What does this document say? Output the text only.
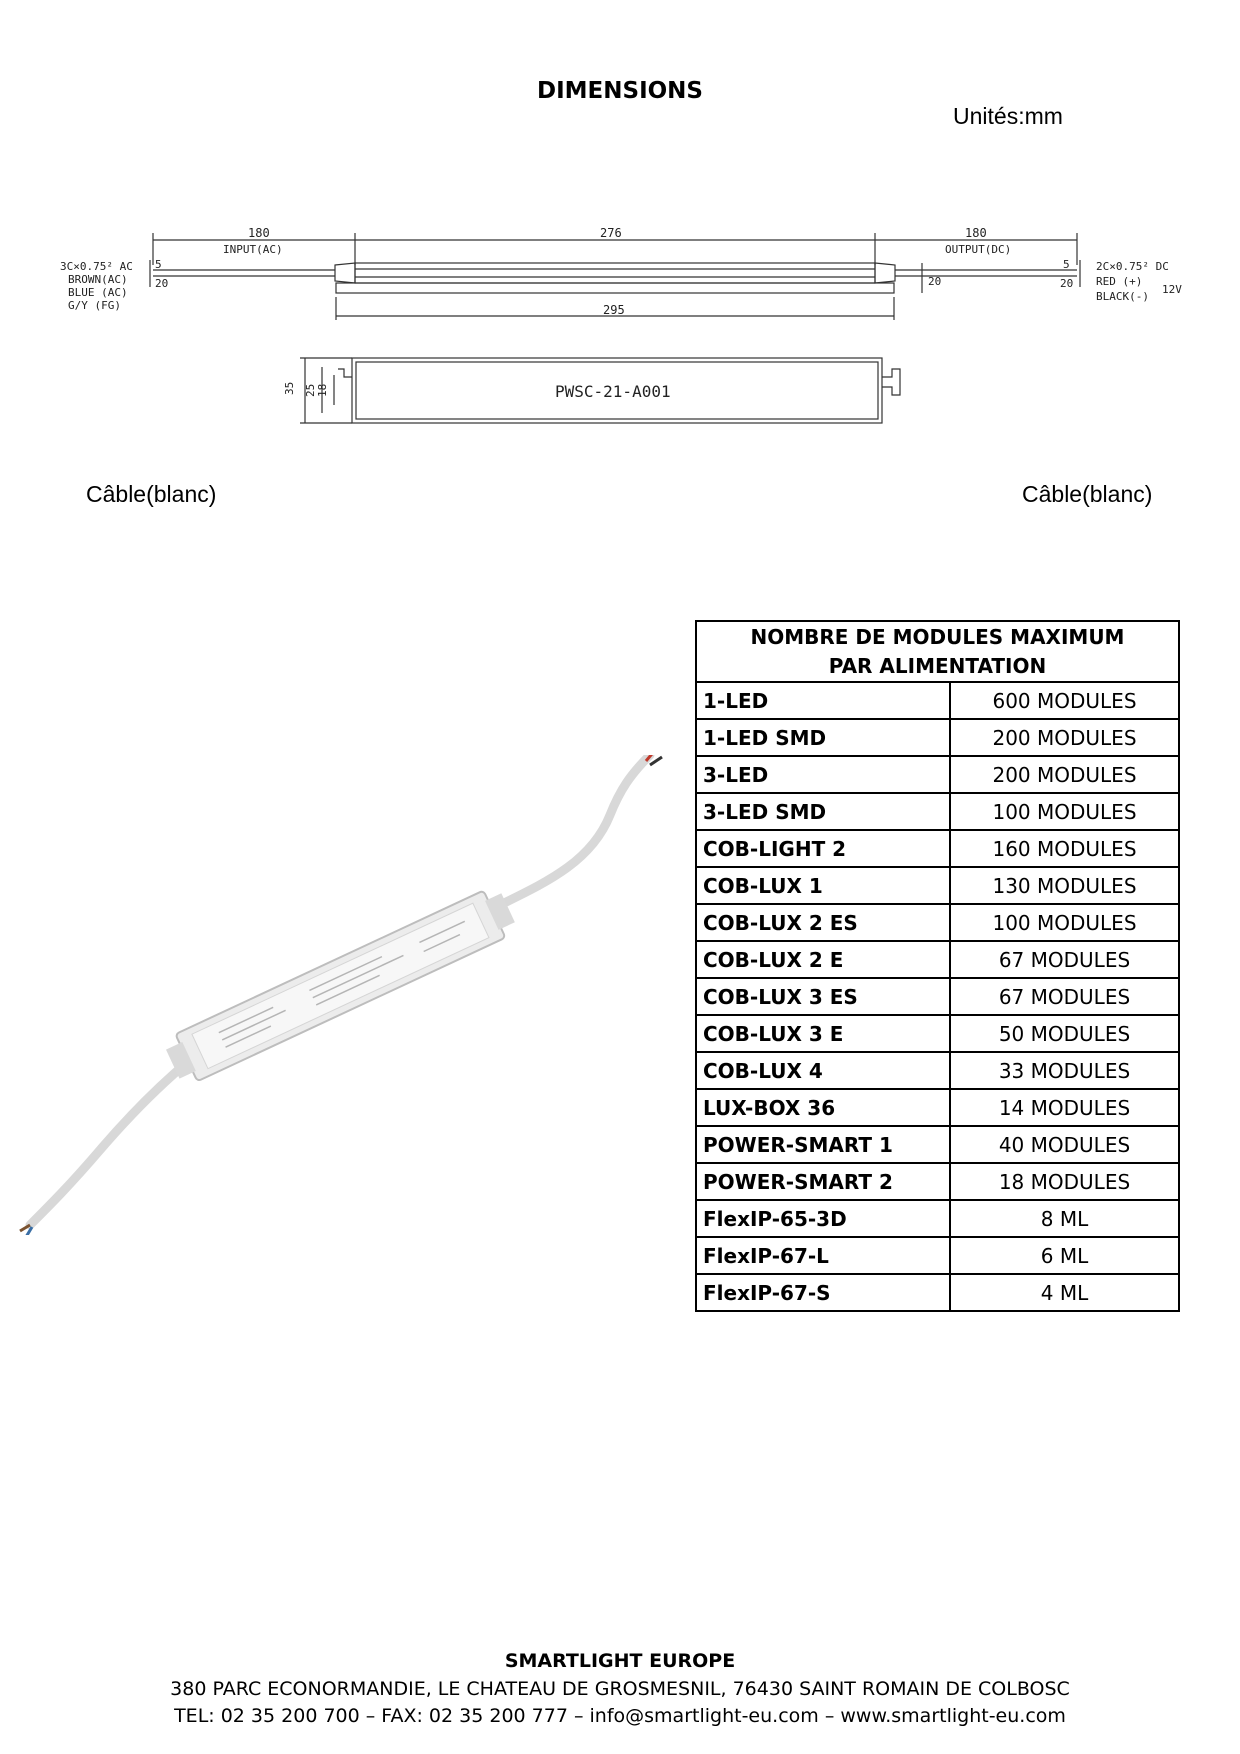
DIMENSIONS
Unités:mm
180
INPUT(AC)
276	180
OUTPUT(DC)
295
20
5
20
5
20
3C×0.75² AC
BROWN(AC)
BLUE (AC)
G/Y (FG)
2C×0.75² DC
RED (+)
BLACK(-)
12V
35 25 18	PWSC-21-A001
Câble(blanc)	Câble(blanc)
NOMBRE DE MODULES MAXIMUM
PAR ALIMENTATION	

1-LED	600 MODULES
1-LED SMD	200 MODULES
3-LED	200 MODULES
3-LED SMD	100 MODULES
COB-LIGHT 2	160 MODULES
COB-LUX 1	130 MODULES
COB-LUX 2 ES	100 MODULES
COB-LUX 2 E	67 MODULES
COB-LUX 3 ES	67 MODULES
COB-LUX 3 E	50 MODULES
COB-LUX 4	33 MODULES
LUX-BOX 36	14 MODULES
POWER-SMART 1	40 MODULES
POWER-SMART 2	18 MODULES
FlexIP-65-3D	8 ML
FlexIP-67-L	6 ML
FlexIP-67-S	4 ML
SMARTLIGHT EUROPE
380 PARC ECONORMANDIE, LE CHATEAU DE GROSMESNIL, 76430 SAINT ROMAIN DE COLBOSC
TEL: 02 35 200 700 – FAX: 02 35 200 777 – info@smartlight-eu.com – www.smartlight-eu.com
